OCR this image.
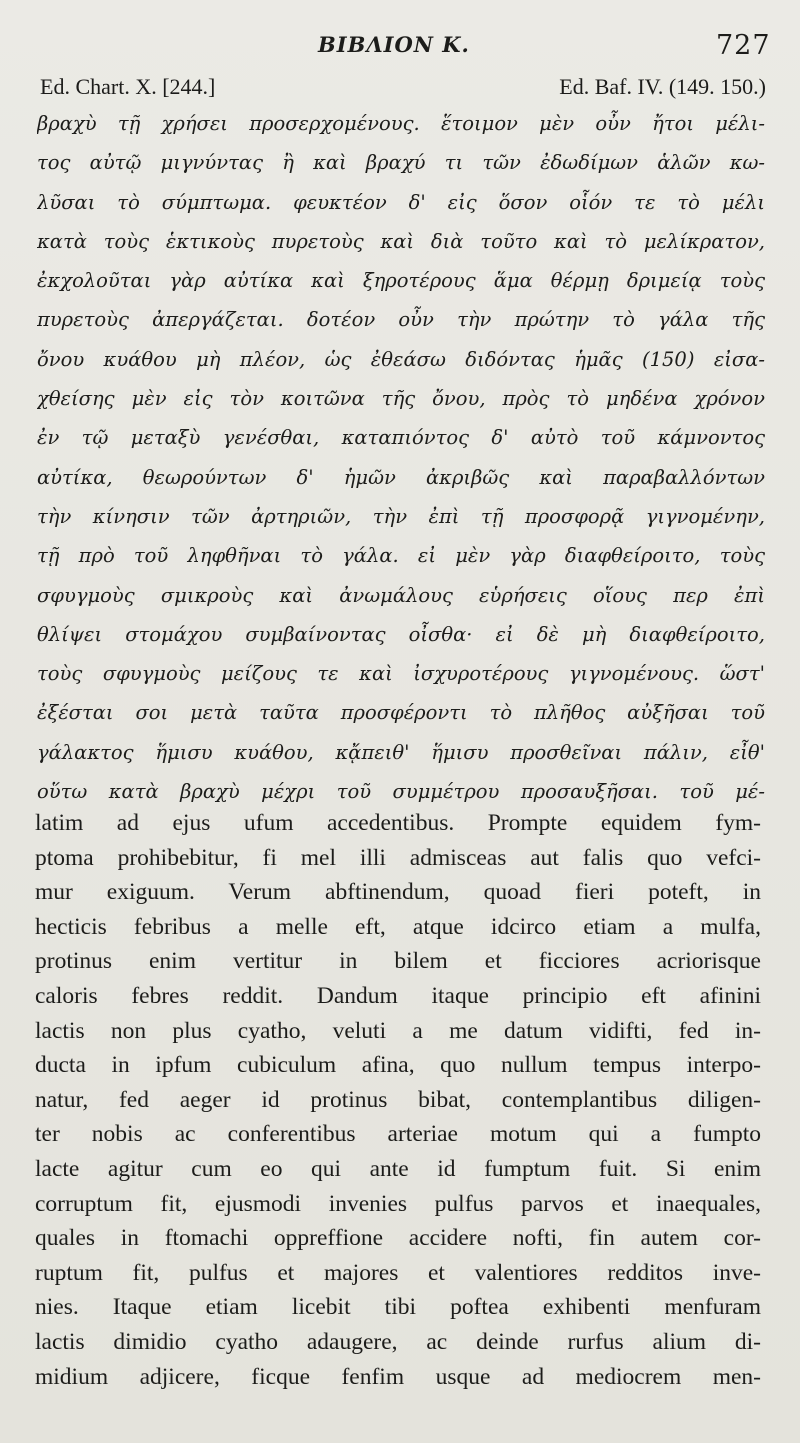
ΒΙΒΛΙΟΝ Κ.	727
Ed. Chart. X. [244.]	Ed. Baf. IV. (149. 150.)
βραχὺ τῇ χρήσει προσερχομένους. ἕτοιμον μὲν οὖν ἤτοι μέλι-
τος αὐτῷ μιγνύντας ἢ καὶ βραχύ τι τῶν ἐδωδίμων ἁλῶν κω-
λῦσαι τὸ σύμπτωμα. φευκτέον δ' εἰς ὅσον οἷόν τε τὸ μέλι
κατὰ τοὺς ἑκτικοὺς πυρετοὺς καὶ διὰ τοῦτο καὶ τὸ μελίκρατον,
ἐκχολοῦται γὰρ αὐτίκα καὶ ξηροτέρους ἅμα θέρμῃ δριμείᾳ τοὺς
πυρετοὺς ἀπεργάζεται. δοτέον οὖν τὴν πρώτην τὸ γάλα τῆς
ὄνου κυάθου μὴ πλέον, ὡς ἐθεάσω διδόντας ἡμᾶς (150) εἰσα-
χθείσης μὲν εἰς τὸν κοιτῶνα τῆς ὄνου, πρὸς τὸ μηδένα χρόνον
ἐν τῷ μεταξὺ γενέσθαι, καταπιόντος δ' αὐτὸ τοῦ κάμνοντος
αὐτίκα, θεωρούντων δ' ἡμῶν ἀκριβῶς καὶ παραβαλλόντων
τὴν κίνησιν τῶν ἀρτηριῶν, τὴν ἐπὶ τῇ προσφορᾷ γιγνομένην,
τῇ πρὸ τοῦ ληφθῆναι τὸ γάλα. εἰ μὲν γὰρ διαφθείροιτο, τοὺς
σφυγμοὺς σμικροὺς καὶ ἀνωμάλους εὑρήσεις οἵους περ ἐπὶ
θλίψει στομάχου συμβαίνοντας οἶσθα· εἰ δὲ μὴ διαφθείροιτο,
τοὺς σφυγμοὺς μείζους τε καὶ ἰσχυροτέρους γιγνομένους. ὥστ'
ἐξέσται σοι μετὰ ταῦτα προσφέροντι τὸ πλῆθος αὐξῆσαι τοῦ
γάλακτος ἥμισυ κυάθου, κᾄπειθ' ἥμισυ προσθεῖναι πάλιν, εἶθ'
οὕτω κατὰ βραχὺ μέχρι τοῦ συμμέτρου προσαυξῆσαι. τοῦ μέ-
latim ad ejus ufum accedentibus. Prompte equidem fym-
ptoma prohibebitur, fi mel illi admisceas aut falis quo vefci-
mur exiguum. Verum abftinendum, quoad fieri poteft, in
hecticis febribus a melle eft, atque idcirco etiam a mulfa,
protinus enim vertitur in bilem et ficciores acriorisque
caloris febres reddit. Dandum itaque principio eft afinini
lactis non plus cyatho, veluti a me datum vidifti, fed in-
ducta in ipfum cubiculum afina, quo nullum tempus interpo-
natur, fed aeger id protinus bibat, contemplantibus diligen-
ter nobis ac conferentibus arteriae motum qui a fumpto
lacte agitur cum eo qui ante id fumptum fuit. Si enim
corruptum fit, ejusmodi invenies pulfus parvos et inaequales,
quales in ftomachi oppreffione accidere nofti, fin autem cor-
ruptum fit, pulfus et majores et valentiores redditos inve-
nies. Itaque etiam licebit tibi poftea exhibenti menfuram
lactis dimidio cyatho adaugere, ac deinde rurfus alium di-
midium adjicere, ficque fenfim usque ad mediocrem men-
